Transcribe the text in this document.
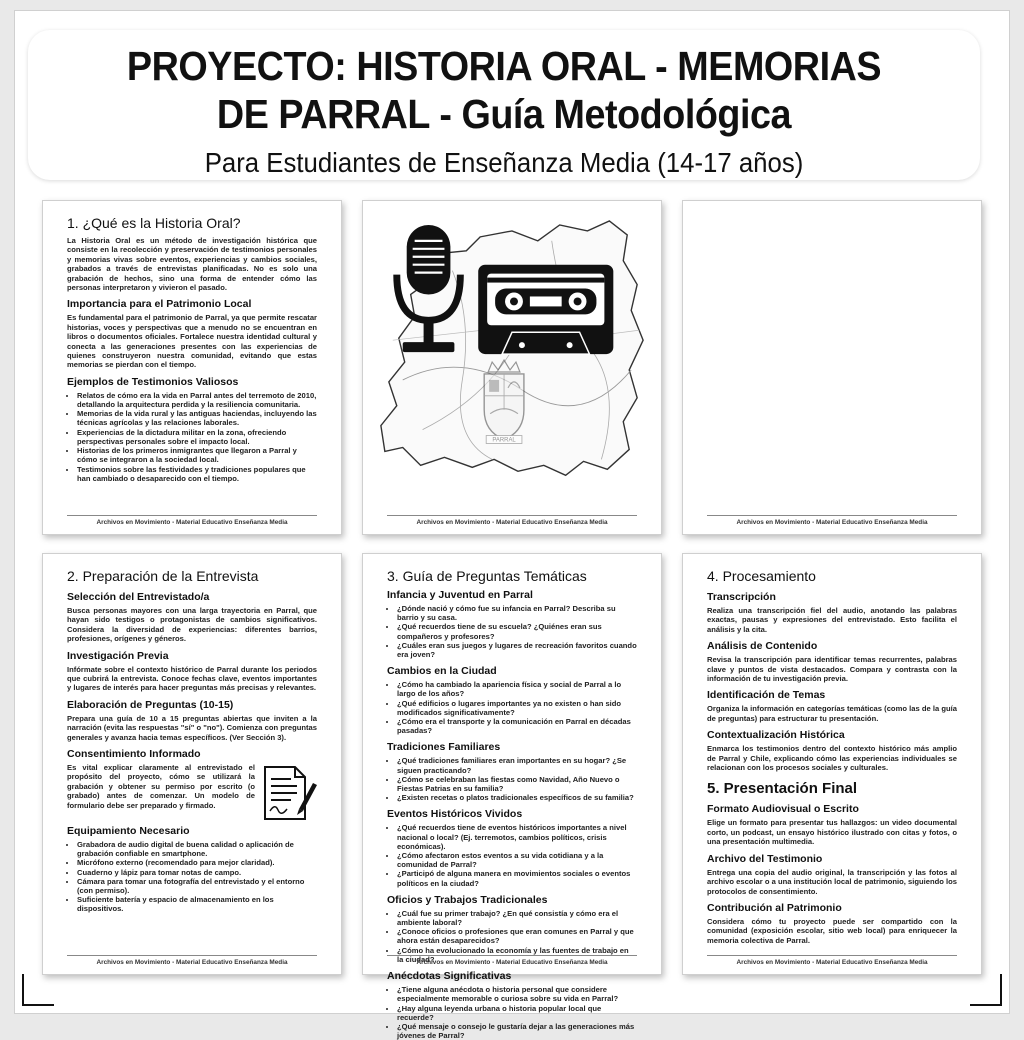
PROYECTO: HISTORIA ORAL - MEMORIAS DE PARRAL - Guía Metodológica
Para Estudiantes de Enseñanza Media (14-17 años)
1. ¿Qué es la Historia Oral?

La Historia Oral es un método de investigación histórica que consiste en la recolección y preservación de testimonios personales y memorias vivas sobre eventos, experiencias y cambios sociales, grabados a través de entrevistas planificadas. No es solo una grabación de hechos, sino una forma de entender cómo las personas interpretaron y vivieron el pasado.

Importancia para el Patrimonio Local

Es fundamental para el patrimonio de Parral, ya que permite rescatar historias, voces y perspectivas que a menudo no se encuentran en libros o documentos oficiales. Fortalece nuestra identidad cultural y conecta a las generaciones presentes con las experiencias de quienes construyeron nuestra comunidad, evitando que estas memorias se pierdan con el tiempo.

Ejemplos de Testimonios Valiosos
• Relatos de cómo era la vida en Parral antes del terremoto de 2010, detallando la arquitectura perdida y la resiliencia comunitaria.
• Memorias de la vida rural y las antiguas haciendas, incluyendo las técnicas agrícolas y las relaciones laborales.
• Experiencias de la dictadura militar en la zona, ofreciendo perspectivas personales sobre el impacto local.
• Historias de los primeros inmigrantes que llegaron a Parral y cómo se integraron a la sociedad local.
• Testimonios sobre las festividades y tradiciones populares que han cambiado o desaparecido con el tiempo.
Archivos en Movimiento - Material Educativo Enseñanza Media
PARRAL
Archivos en Movimiento - Material Educativo Enseñanza Media	Archivos en Movimiento - Material Educativo Enseñanza Media
2. Preparación de la Entrevista
Selección del Entrevistado/a

Busca personas mayores con una larga trayectoria en Parral, que hayan sido testigos o protagonistas de cambios significativos. Considera la diversidad de experiencias: diferentes barrios, profesiones, orígenes y géneros.

Investigación Previa

Infórmate sobre el contexto histórico de Parral durante los periodos que cubrirá la entrevista. Conoce fechas clave, eventos importantes y lugares de interés para hacer preguntas más precisas y relevantes.

Elaboración de Preguntas (10-15)

Prepara una guía de 10 a 15 preguntas abiertas que inviten a la narración (evita las respuestas "sí" o "no"). Comienza con preguntas generales y avanza hacia temas específicos. (Ver Sección 3).

Consentimiento Informado

Es vital explicar claramente al entrevistado el propósito del proyecto, cómo se utilizará la grabación y obtener su permiso por escrito (o grabado) antes de comenzar. Un modelo de formulario debe ser preparado y firmado.

Equipamiento Necesario
• Grabadora de audio digital de buena calidad o aplicación de grabación confiable en smartphone.
• Micrófono externo (recomendado para mejor claridad).
• Cuaderno y lápiz para tomar notas de campo.
• Cámara para tomar una fotografía del entrevistado y el entorno (con permiso).
• Suficiente batería y espacio de almacenamiento en los dispositivos.
Archivos en Movimiento - Material Educativo Enseñanza Media
3. Guía de Preguntas Temáticas
Infancia y Juventud en Parral
• ¿Dónde nació y cómo fue su infancia en Parral? Describa su barrio y su casa.
• ¿Qué recuerdos tiene de su escuela? ¿Quiénes eran sus compañeros y profesores?
• ¿Cuáles eran sus juegos y lugares de recreación favoritos cuando era joven?
Cambios en la Ciudad
• ¿Cómo ha cambiado la apariencia física y social de Parral a lo largo de los años?
• ¿Qué edificios o lugares importantes ya no existen o han sido modificados significativamente?
• ¿Cómo era el transporte y la comunicación en Parral en décadas pasadas?
Tradiciones Familiares
• ¿Qué tradiciones familiares eran importantes en su hogar? ¿Se siguen practicando?
• ¿Cómo se celebraban las fiestas como Navidad, Año Nuevo o Fiestas Patrias en su familia?
• ¿Existen recetas o platos tradicionales específicos de su familia?
Eventos Históricos Vividos
• ¿Qué recuerdos tiene de eventos históricos importantes a nivel nacional o local? (Ej. terremotos, cambios políticos, crisis económicas).
• ¿Cómo afectaron estos eventos a su vida cotidiana y a la comunidad de Parral?
• ¿Participó de alguna manera en movimientos sociales o eventos políticos en la ciudad?
Oficios y Trabajos Tradicionales
• ¿Cuál fue su primer trabajo? ¿En qué consistía y cómo era el ambiente laboral?
• ¿Conoce oficios o profesiones que eran comunes en Parral y que ahora están desaparecidos?
• ¿Cómo ha evolucionado la economía y las fuentes de trabajo en la ciudad?
Anécdotas Significativas
• ¿Tiene alguna anécdota o historia personal que considere especialmente memorable o curiosa sobre su vida en Parral?
• ¿Hay alguna leyenda urbana o historia popular local que recuerde?
• ¿Qué mensaje o consejo le gustaría dejar a las generaciones más jóvenes de Parral?
Archivos en Movimiento - Material Educativo Enseñanza Media
4. Procesamiento
Transcripción

Realiza una transcripción fiel del audio, anotando las palabras exactas, pausas y expresiones del entrevistado. Esto facilita el análisis y la cita.

Análisis de Contenido

Revisa la transcripción para identificar temas recurrentes, palabras clave y puntos de vista destacados. Compara y contrasta con la información de tu investigación previa.

Identificación de Temas

Organiza la información en categorías temáticas (como las de la guía de preguntas) para estructurar tu presentación.

Contextualización Histórica

Enmarca los testimonios dentro del contexto histórico más amplio de Parral y Chile, explicando cómo las experiencias individuales se relacionan con los procesos sociales y culturales.

5. Presentación Final
Formato Audiovisual o Escrito

Elige un formato para presentar tus hallazgos: un video documental corto, un podcast, un ensayo histórico ilustrado con citas y fotos, o una presentación multimedia.

Archivo del Testimonio

Entrega una copia del audio original, la transcripción y las fotos al archivo escolar o a una institución local de patrimonio, siguiendo los protocolos de consentimiento.

Contribución al Patrimonio

Considera cómo tu proyecto puede ser compartido con la comunidad (exposición escolar, sitio web local) para enriquecer la memoria colectiva de Parral.

Archivos en Movimiento - Material Educativo Enseñanza Media
